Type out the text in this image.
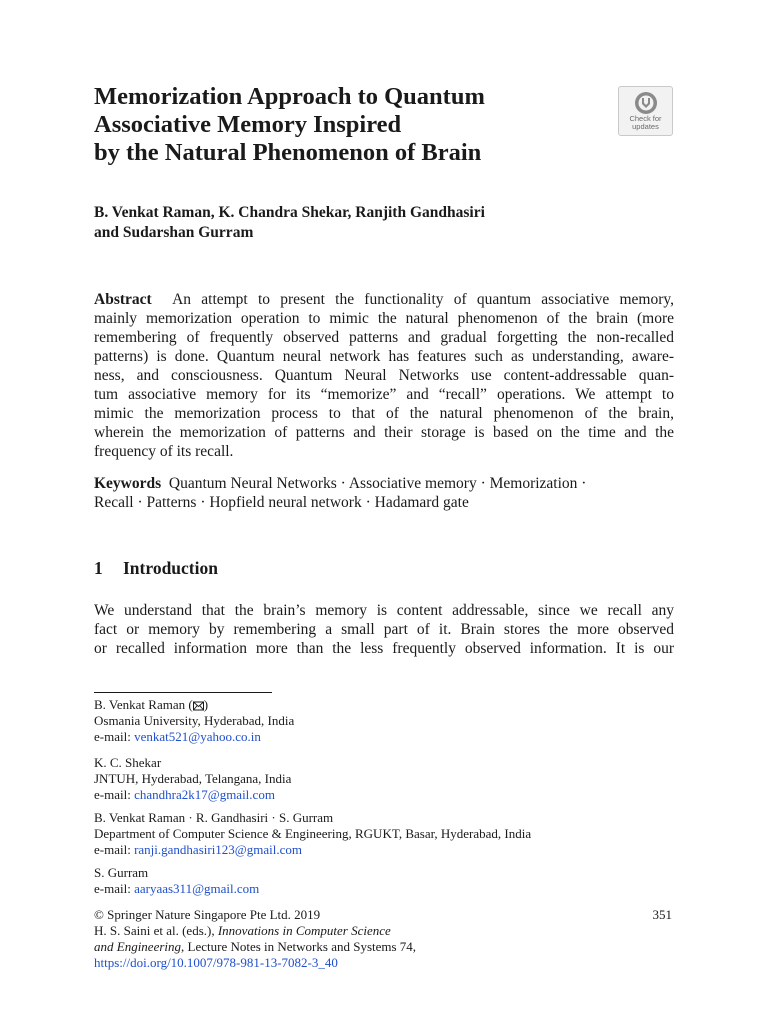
Memorization Approach to Quantum
Associative Memory Inspired
by the Natural Phenomenon of Brain
Check for
updates
B. Venkat Raman, K. Chandra Shekar, Ranjith Gandhasiri
and Sudarshan Gurram
Abstract An attempt to present the functionality of quantum associative memory,
mainly memorization operation to mimic the natural phenomenon of the brain (more
remembering of frequently observed patterns and gradual forgetting the non-recalled
patterns) is done. Quantum neural network has features such as understanding, aware-
ness, and consciousness. Quantum Neural Networks use content-addressable quan-
tum associative memory for its “memorize” and “recall” operations. We attempt to
mimic the memorization process to that of the natural phenomenon of the brain,
wherein the memorization of patterns and their storage is based on the time and the
frequency of its recall.
Keywords Quantum Neural Networks · Associative memory · Memorization ·
Recall · Patterns · Hopfield neural network · Hadamard gate
1 Introduction
We understand that the brain’s memory is content addressable, since we recall any
fact or memory by remembering a small part of it. Brain stores the more observed
or recalled information more than the less frequently observed information. It is our
B. Venkat Raman ( )
Osmania University, Hyderabad, India
e-mail: venkat521@yahoo.co.in
K. C. Shekar
JNTUH, Hyderabad, Telangana, India
e-mail: chandhra2k17@gmail.com
B. Venkat Raman · R. Gandhasiri · S. Gurram
Department of Computer Science & Engineering, RGUKT, Basar, Hyderabad, India
e-mail: ranji.gandhasiri123@gmail.com
S. Gurram
e-mail: aaryaas311@gmail.com
© Springer Nature Singapore Pte Ltd. 2019
H. S. Saini et al. (eds.), Innovations in Computer Science
and Engineering, Lecture Notes in Networks and Systems 74,
https://doi.org/10.1007/978-981-13-7082-3_40
351
